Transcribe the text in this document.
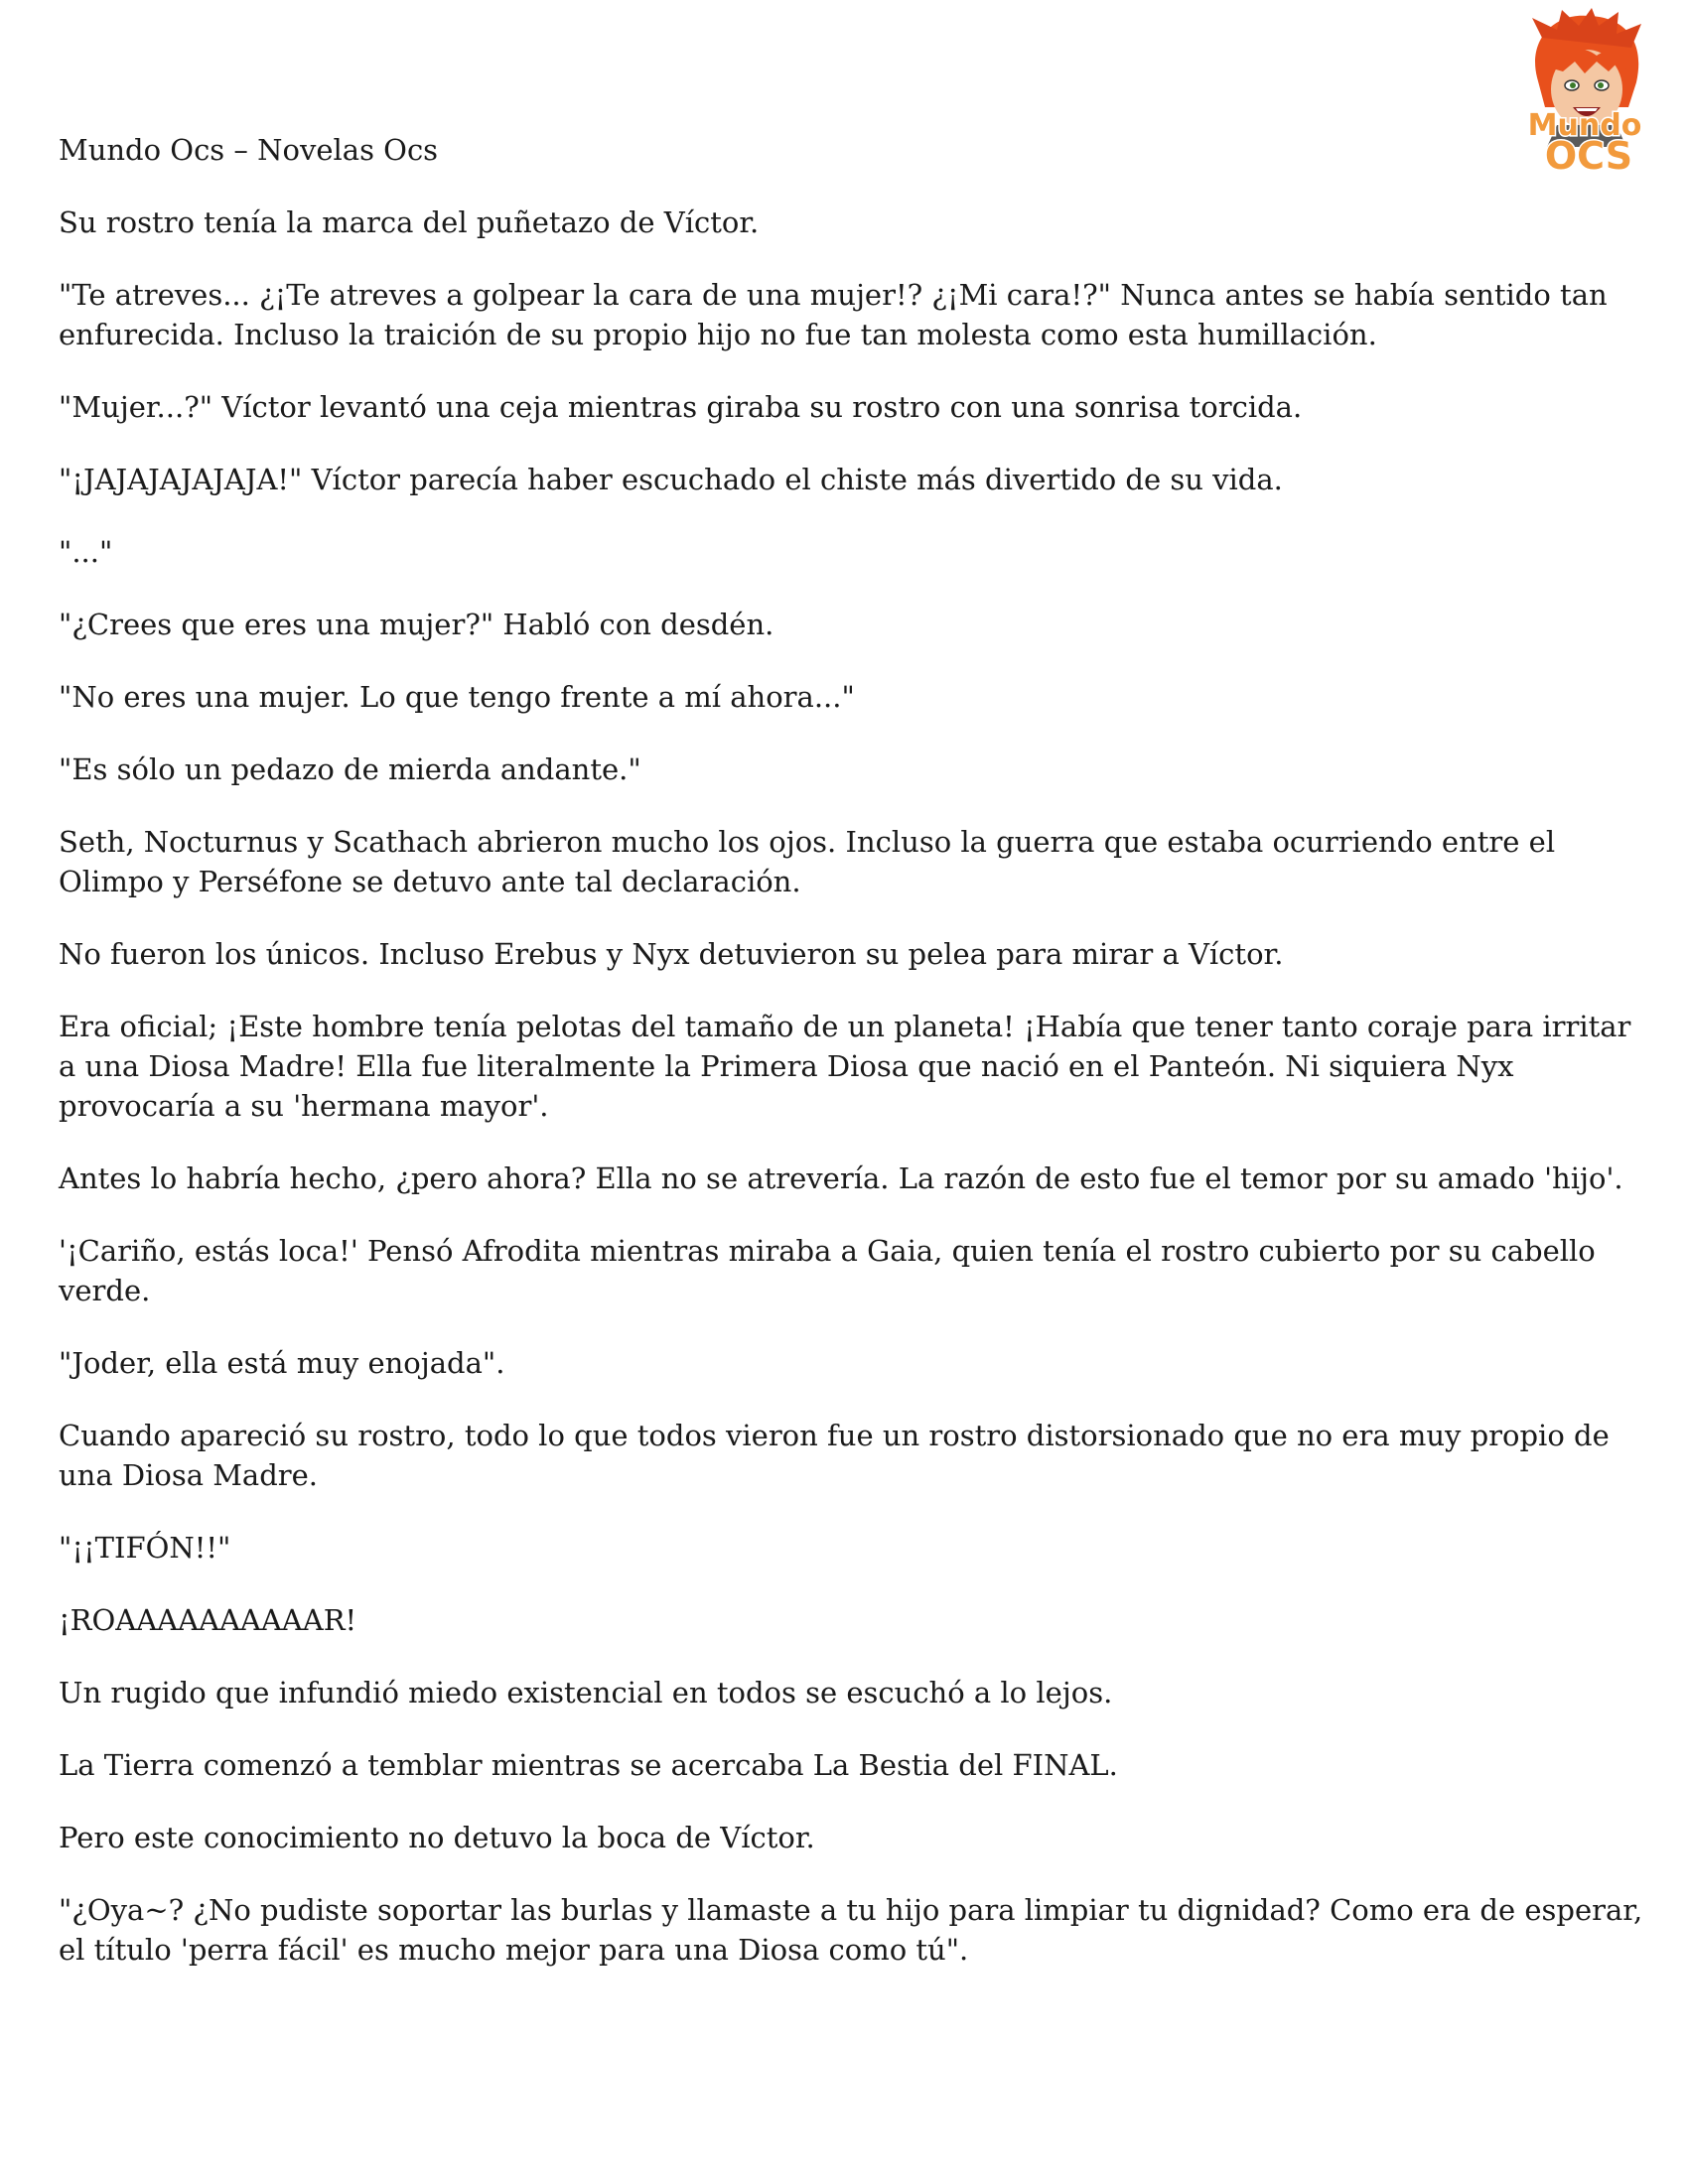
Mundo Ocs – Novelas Ocs
Mundo
OCS

Su rostro tenía la marca del puñetazo de Víctor.

"Te atreves... ¿¡Te atreves a golpear la cara de una mujer!? ¿¡Mi cara!?" Nunca antes se había sentido tan enfurecida. Incluso la traición de su propio hijo no fue tan molesta como esta humillación.

"Mujer...?" Víctor levantó una ceja mientras giraba su rostro con una sonrisa torcida.

"¡JAJAJAJAJAJA!" Víctor parecía haber escuchado el chiste más divertido de su vida.

"..."

"¿Crees que eres una mujer?" Habló con desdén.

"No eres una mujer. Lo que tengo frente a mí ahora..."

"Es sólo un pedazo de mierda andante."

Seth, Nocturnus y Scathach abrieron mucho los ojos. Incluso la guerra que estaba ocurriendo entre el Olimpo y Perséfone se detuvo ante tal declaración.

No fueron los únicos. Incluso Erebus y Nyx detuvieron su pelea para mirar a Víctor.

Era oficial; ¡Este hombre tenía pelotas del tamaño de un planeta! ¡Había que tener tanto coraje para irritar a una Diosa Madre! Ella fue literalmente la Primera Diosa que nació en el Panteón. Ni siquiera Nyx provocaría a su 'hermana mayor'.

Antes lo habría hecho, ¿pero ahora? Ella no se atrevería. La razón de esto fue el temor por su amado 'hijo'.

'¡Cariño, estás loca!' Pensó Afrodita mientras miraba a Gaia, quien tenía el rostro cubierto por su cabello verde.

"Joder, ella está muy enojada".

Cuando apareció su rostro, todo lo que todos vieron fue un rostro distorsionado que no era muy propio de una Diosa Madre.

"¡¡TIFÓN!!"

¡ROAAAAAAAAAAR!

Un rugido que infundió miedo existencial en todos se escuchó a lo lejos.

La Tierra comenzó a temblar mientras se acercaba La Bestia del FINAL.

Pero este conocimiento no detuvo la boca de Víctor.

"¿Oya~? ¿No pudiste soportar las burlas y llamaste a tu hijo para limpiar tu dignidad? Como era de esperar, el título 'perra fácil' es mucho mejor para una Diosa como tú".
